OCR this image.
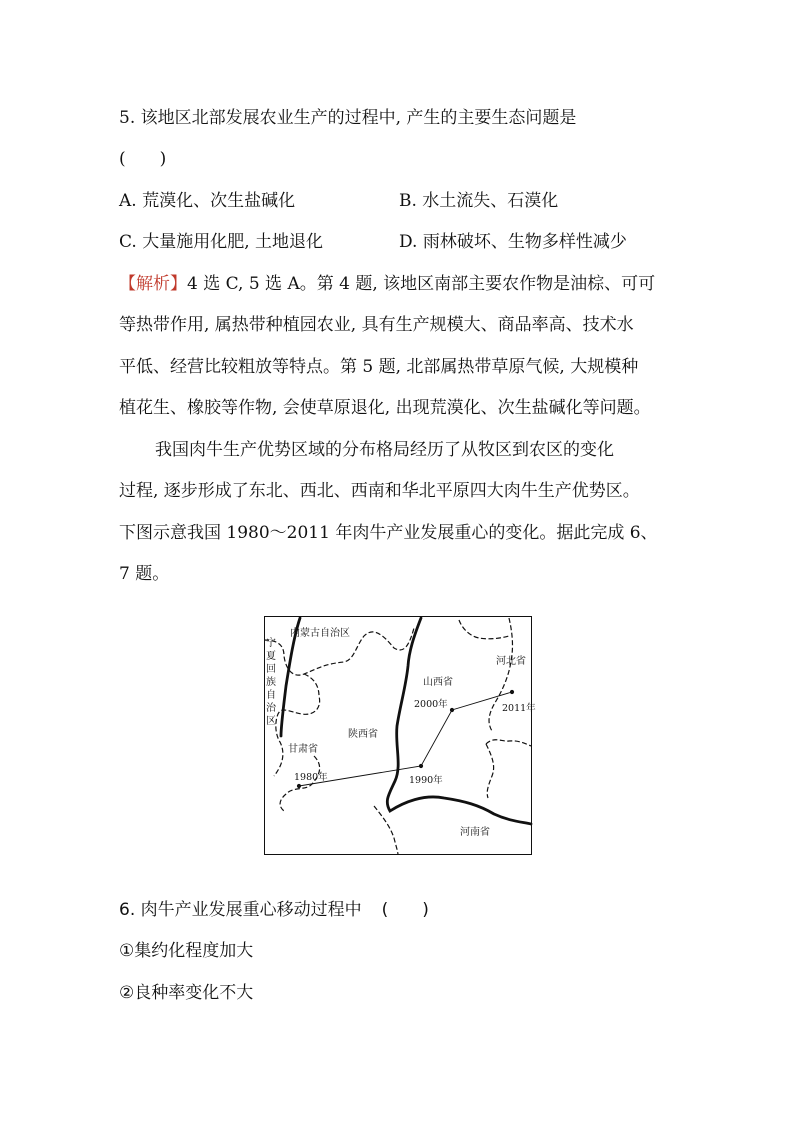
5. 该地区北部发展农业生产的过程中, 产生的主要生态问题是
(　　)
A. 荒漠化、次生盐碱化	B. 水土流失、石漠化
C. 大量施用化肥, 土地退化	D. 雨林破坏、生物多样性减少
【解析】4 选 C, 5 选 A。第 4 题, 该地区南部主要农作物是油棕、可可
等热带作用, 属热带种植园农业, 具有生产规模大、商品率高、技术水
平低、经营比较粗放等特点。第 5 题, 北部属热带草原气候, 大规模种
植花生、橡胶等作物, 会使草原退化, 出现荒漠化、次生盐碱化等问题。
我国肉牛生产优势区域的分布格局经历了从牧区到农区的变化
过程, 逐步形成了东北、西北、西南和华北平原四大肉牛生产优势区。
下图示意我国 1980～2011 年肉牛产业发展重心的变化。据此完成 6、
7 题。
内蒙古自治区
宁
夏
回
族
自
治
区
山西省
河北省
陕西省
甘肃省
河南省
1980年	1990年
2000年	2011年
6. 肉牛产业发展重心移动过程中 (　　)
①集约化程度加大
②良种率变化不大
